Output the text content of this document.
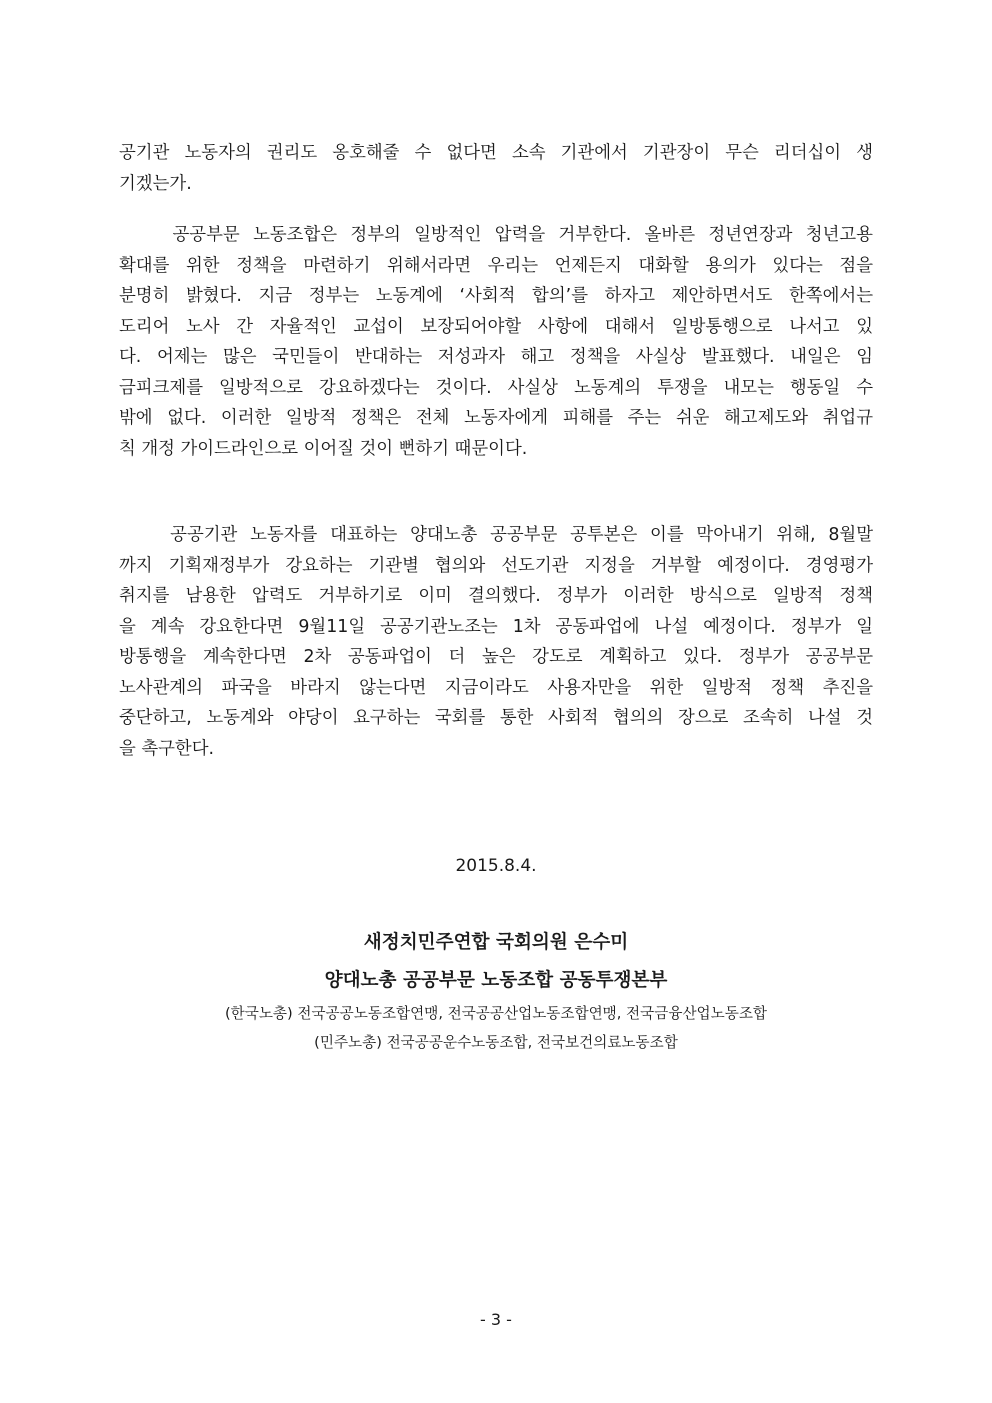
공기관 노동자의 권리도 옹호해줄 수 없다면 소속 기관에서 기관장이 무슨 리더십이 생
기겠는가.
공공부문 노동조합은 정부의 일방적인 압력을 거부한다. 올바른 정년연장과 청년고용
확대를 위한 정책을 마련하기 위해서라면 우리는 언제든지 대화할 용의가 있다는 점을
분명히 밝혔다. 지금 정부는 노동계에 ‘사회적 합의’를 하자고 제안하면서도 한쪽에서는
도리어 노사 간 자율적인 교섭이 보장되어야할 사항에 대해서 일방통행으로 나서고 있
다. 어제는 많은 국민들이 반대하는 저성과자 해고 정책을 사실상 발표했다. 내일은 임
금피크제를 일방적으로 강요하겠다는 것이다. 사실상 노동계의 투쟁을 내모는 행동일 수
밖에 없다. 이러한 일방적 정책은 전체 노동자에게 피해를 주는 쉬운 해고제도와 취업규
칙 개정 가이드라인으로 이어질 것이 뻔하기 때문이다.
공공기관 노동자를 대표하는 양대노총 공공부문 공투본은 이를 막아내기 위해, 8월말
까지 기획재정부가 강요하는 기관별 협의와 선도기관 지정을 거부할 예정이다. 경영평가
취지를 남용한 압력도 거부하기로 이미 결의했다. 정부가 이러한 방식으로 일방적 정책
을 계속 강요한다면 9월11일 공공기관노조는 1차 공동파업에 나설 예정이다. 정부가 일
방통행을 계속한다면 2차 공동파업이 더 높은 강도로 계획하고 있다. 정부가 공공부문
노사관계의 파국을 바라지 않는다면 지금이라도 사용자만을 위한 일방적 정책 추진을
중단하고, 노동계와 야당이 요구하는 국회를 통한 사회적 협의의 장으로 조속히 나설 것
을 촉구한다.
2015.8.4.
새정치민주연합 국회의원 은수미
양대노총 공공부문 노동조합 공동투쟁본부
(한국노총) 전국공공노동조합연맹, 전국공공산업노동조합연맹, 전국금융산업노동조합
(민주노총) 전국공공운수노동조합, 전국보건의료노동조합
- 3 -
